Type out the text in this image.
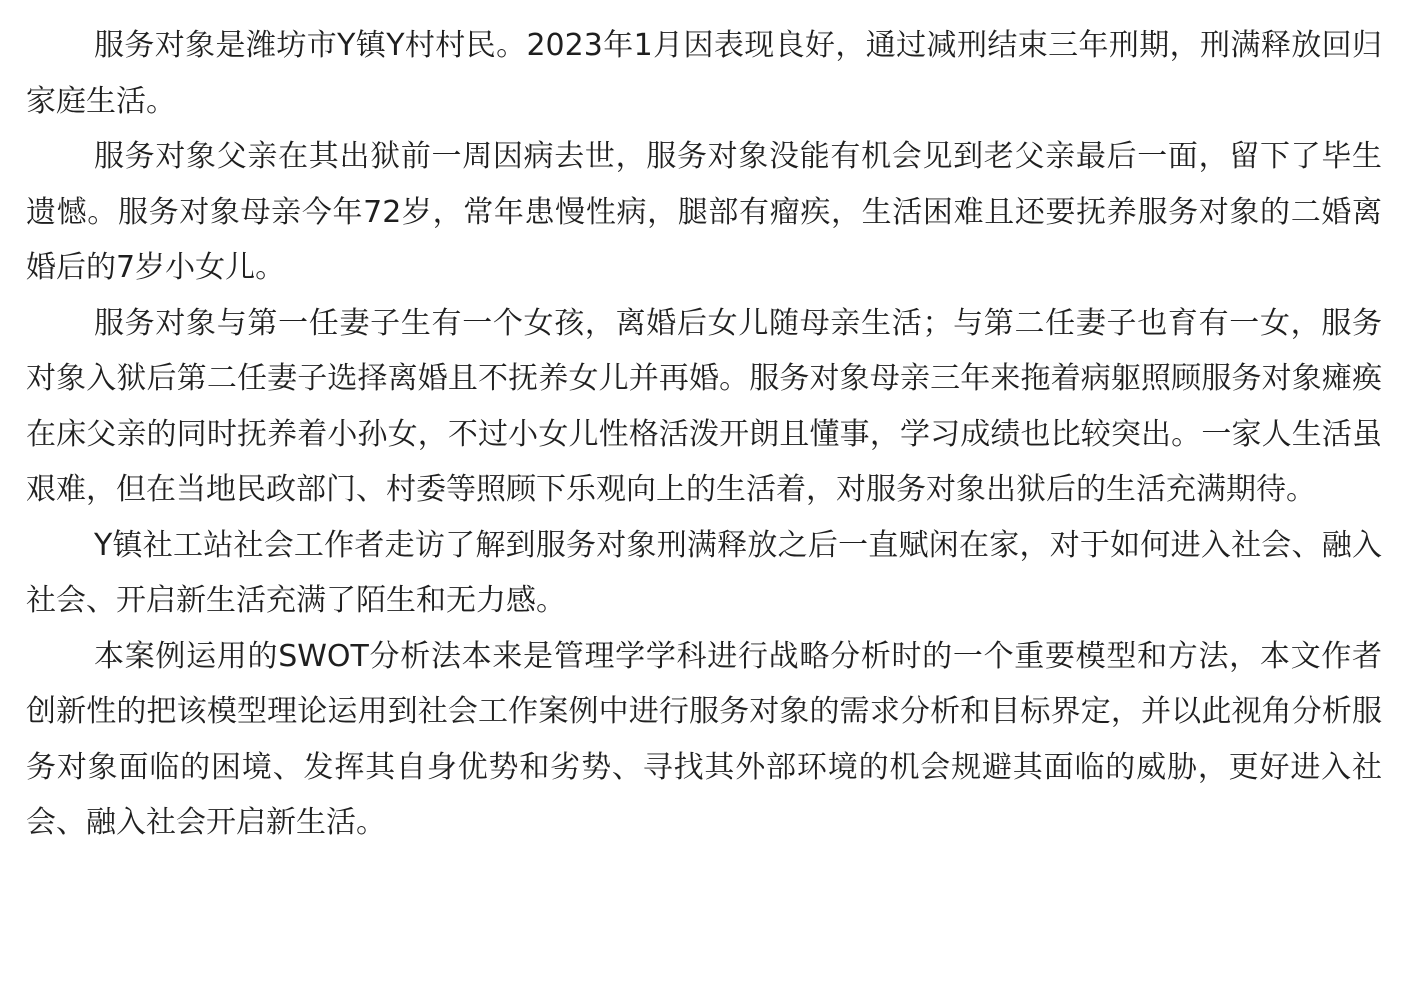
服务对象是潍坊市Y镇Y村村民。2023年1月因表现良好，通过减刑结束三年刑期，刑满释放回归家庭生活。

服务对象父亲在其出狱前一周因病去世，服务对象没能有机会见到老父亲最后一面，留下了毕生遗憾。服务对象母亲今年72岁，常年患慢性病，腿部有瘤疾，生活困难且还要抚养服务对象的二婚离婚后的7岁小女儿。

服务对象与第一任妻子生有一个女孩，离婚后女儿随母亲生活；与第二任妻子也育有一女，服务对象入狱后第二任妻子选择离婚且不抚养女儿并再婚。服务对象母亲三年来拖着病躯照顾服务对象瘫痪在床父亲的同时抚养着小孙女，不过小女儿性格活泼开朗且懂事，学习成绩也比较突出。一家人生活虽艰难，但在当地民政部门、村委等照顾下乐观向上的生活着，对服务对象出狱后的生活充满期待。

Y镇社工站社会工作者走访了解到服务对象刑满释放之后一直赋闲在家，对于如何进入社会、融入社会、开启新生活充满了陌生和无力感。

本案例运用的SWOT分析法本来是管理学学科进行战略分析时的一个重要模型和方法，本文作者创新性的把该模型理论运用到社会工作案例中进行服务对象的需求分析和目标界定，并以此视角分析服务对象面临的困境、发挥其自身优势和劣势、寻找其外部环境的机会规避其面临的威胁，更好进入社会、融入社会开启新生活。
